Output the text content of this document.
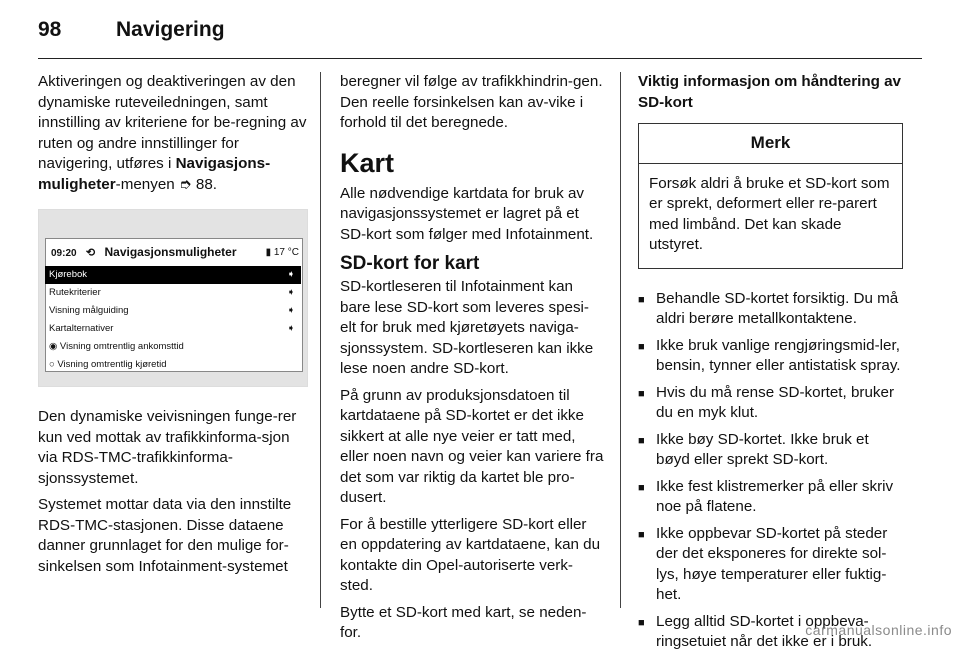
98	Navigering

Aktiveringen og deaktiveringen av den dynamiske ruteveiledningen, samt innstilling av kriteriene for be-regning av ruten og andre innstillinger for navigering, utføres i Navigasjons-muligheter-menyen ➮ 88.

09:20 ⟲ Navigasjonsmuligheter	▮ 17 °C
Kjørebok	➧
Rutekriterier	➧
Visning målguiding	➧
Kartalternativer	➧
◉ Visning omtrentlig ankomsttid
○ Visning omtrentlig kjøretid

Den dynamiske veivisningen funge-rer kun ved mottak av trafikkinforma-sjon via RDS-TMC-trafikkinforma-sjonssystemet.

Systemet mottar data via den innstilte RDS-TMC-stasjonen. Disse dataene danner grunnlaget for den mulige for-sinkelsen som Infotainment-systemet

beregner vil følge av trafikkhindrin-gen. Den reelle forsinkelsen kan av-vike i forhold til det beregnede.

Kart

Alle nødvendige kartdata for bruk av navigasjonssystemet er lagret på et SD-kort som følger med Infotainment.

SD-kort for kart

SD-kortleseren til Infotainment kan bare lese SD-kort som leveres spesi-elt for bruk med kjøretøyets naviga-sjonssystem. SD-kortleseren kan ikke lese noen andre SD-kort.

På grunn av produksjonsdatoen til kartdataene på SD-kortet er det ikke sikkert at alle nye veier er tatt med, eller noen navn og veier kan variere fra det som var riktig da kartet ble pro-dusert.

For å bestille ytterligere SD-kort eller en oppdatering av kartdataene, kan du kontakte din Opel-autoriserte verk-sted.

Bytte et SD-kort med kart, se neden-for.

Viktig informasjon om håndtering av SD-kort
Merk
Forsøk aldri å bruke et SD-kort som er sprekt, deformert eller re-parert med limbånd. Det kan skade utstyret.
■ Behandle SD-kortet forsiktig. Du må aldri berøre metallkontaktene.
■ Ikke bruk vanlige rengjøringsmid-ler, bensin, tynner eller antistatisk spray.
■ Hvis du må rense SD-kortet, bruker du en myk klut.
■ Ikke bøy SD-kortet. Ikke bruk et bøyd eller sprekt SD-kort.
■ Ikke fest klistremerker på eller skriv noe på flatene.
■ Ikke oppbevar SD-kortet på steder der det eksponeres for direkte sol-lys, høye temperaturer eller fuktig-het.
■ Legg alltid SD-kortet i oppbeva-ringsetuiet når det ikke er i bruk.
carmanualsonline.info
